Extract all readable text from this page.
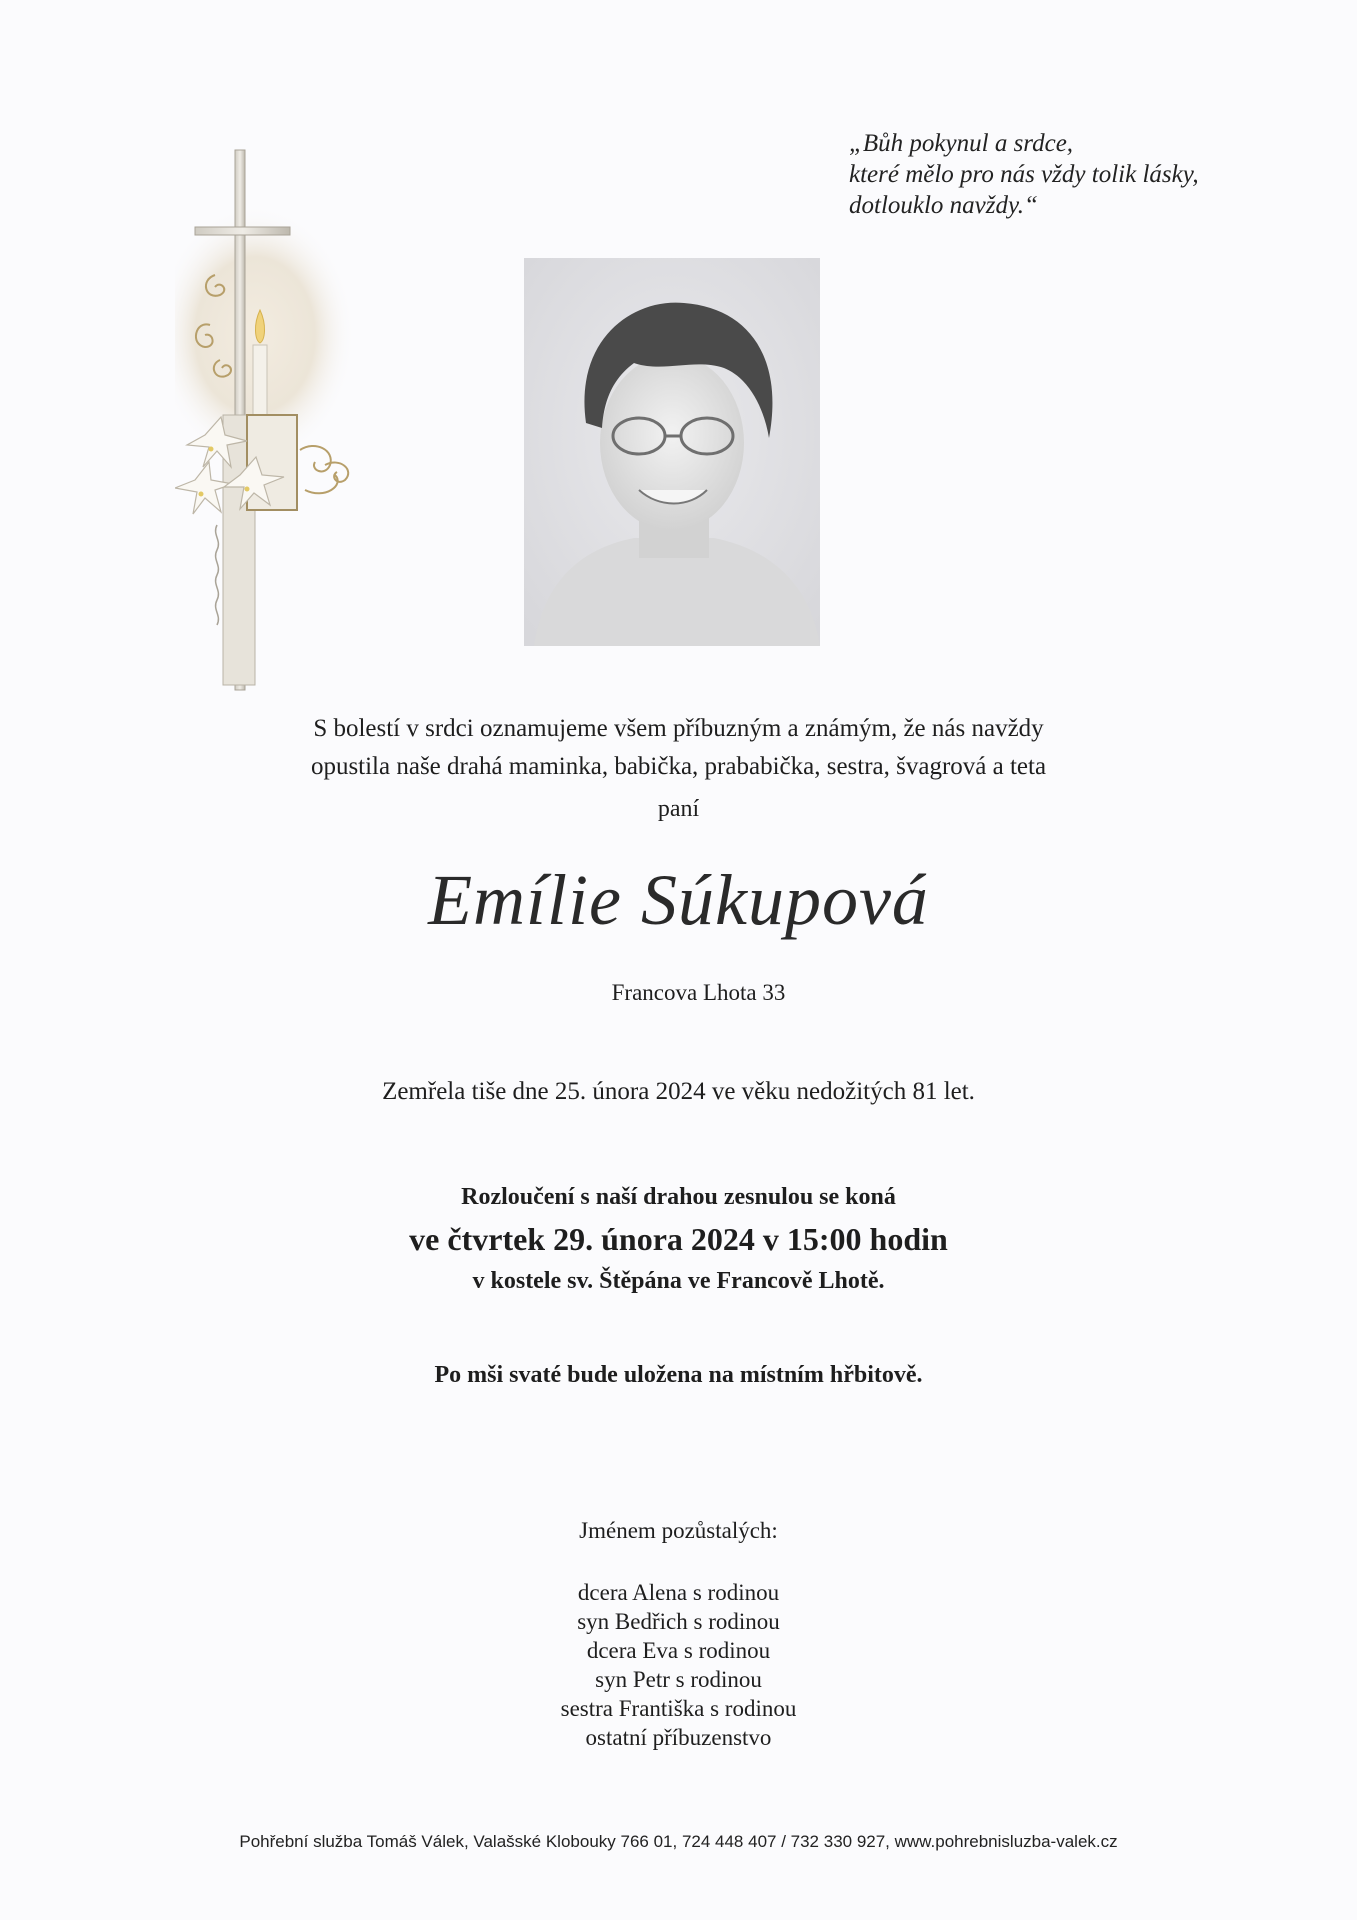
„Bůh pokynul a srdce,
které mělo pro nás vždy tolik lásky,
dotlouklo navždy.“
S bolestí v srdci oznamujeme všem příbuzným a známým, že nás navždy
opustila naše drahá maminka, babička, prababička, sestra, švagrová a teta
paní
Emílie Súkupová
Francova Lhota 33
Zemřela tiše dne 25. února 2024 ve věku nedožitých 81 let.
Rozloučení s naší drahou zesnulou se koná
ve čtvrtek 29. února 2024 v 15:00 hodin
v kostele sv. Štěpána ve Francově Lhotě.
Po mši svaté bude uložena na místním hřbitově.
Jménem pozůstalých:
dcera Alena s rodinou
syn Bedřich s rodinou
dcera Eva s rodinou
syn Petr s rodinou
sestra Františka s rodinou
ostatní příbuzenstvo
Pohřební služba Tomáš Válek, Valašské Klobouky 766 01, 724 448 407 / 732 330 927, www.pohrebnisluzba-valek.cz
